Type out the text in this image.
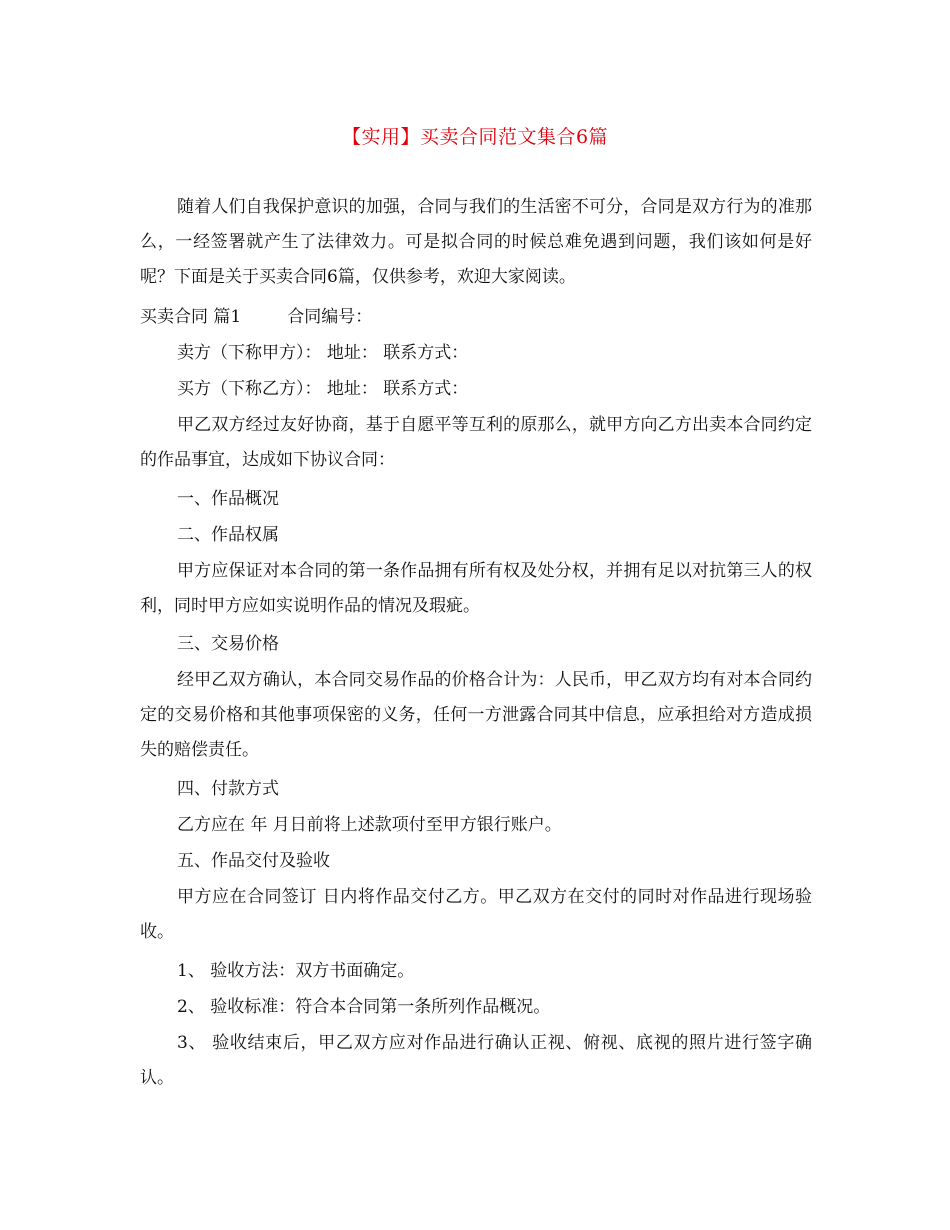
【实用】买卖合同范文集合6篇

随着人们自我保护意识的加强，合同与我们的生活密不可分，合同是双方行为的准那么，一经签署就产生了法律效力。可是拟合同的时候总难免遇到问题，我们该如何是好呢？下面是关于买卖合同6篇，仅供参考，欢迎大家阅读。

买卖合同 篇1	合同编号：

卖方（下称甲方）： 地址： 联系方式：

买方（下称乙方）： 地址： 联系方式：

甲乙双方经过友好协商，基于自愿平等互利的原那么，就甲方向乙方出卖本合同约定的作品事宜，达成如下协议合同：

一、作品概况

二、作品权属

甲方应保证对本合同的第一条作品拥有所有权及处分权，并拥有足以对抗第三人的权利，同时甲方应如实说明作品的情况及瑕疵。

三、交易价格

经甲乙双方确认，本合同交易作品的价格合计为：人民币，甲乙双方均有对本合同约定的交易价格和其他事项保密的义务，任何一方泄露合同其中信息，应承担给对方造成损失的赔偿责任。

四、付款方式

乙方应在 年 月日前将上述款项付至甲方银行账户。

五、作品交付及验收

甲方应在合同签订 日内将作品交付乙方。甲乙双方在交付的同时对作品进行现场验收。

1、 验收方法：双方书面确定。

2、 验收标准：符合本合同第一条所列作品概况。

3、 验收结束后，甲乙双方应对作品进行确认正视、俯视、底视的照片进行签字确认。
